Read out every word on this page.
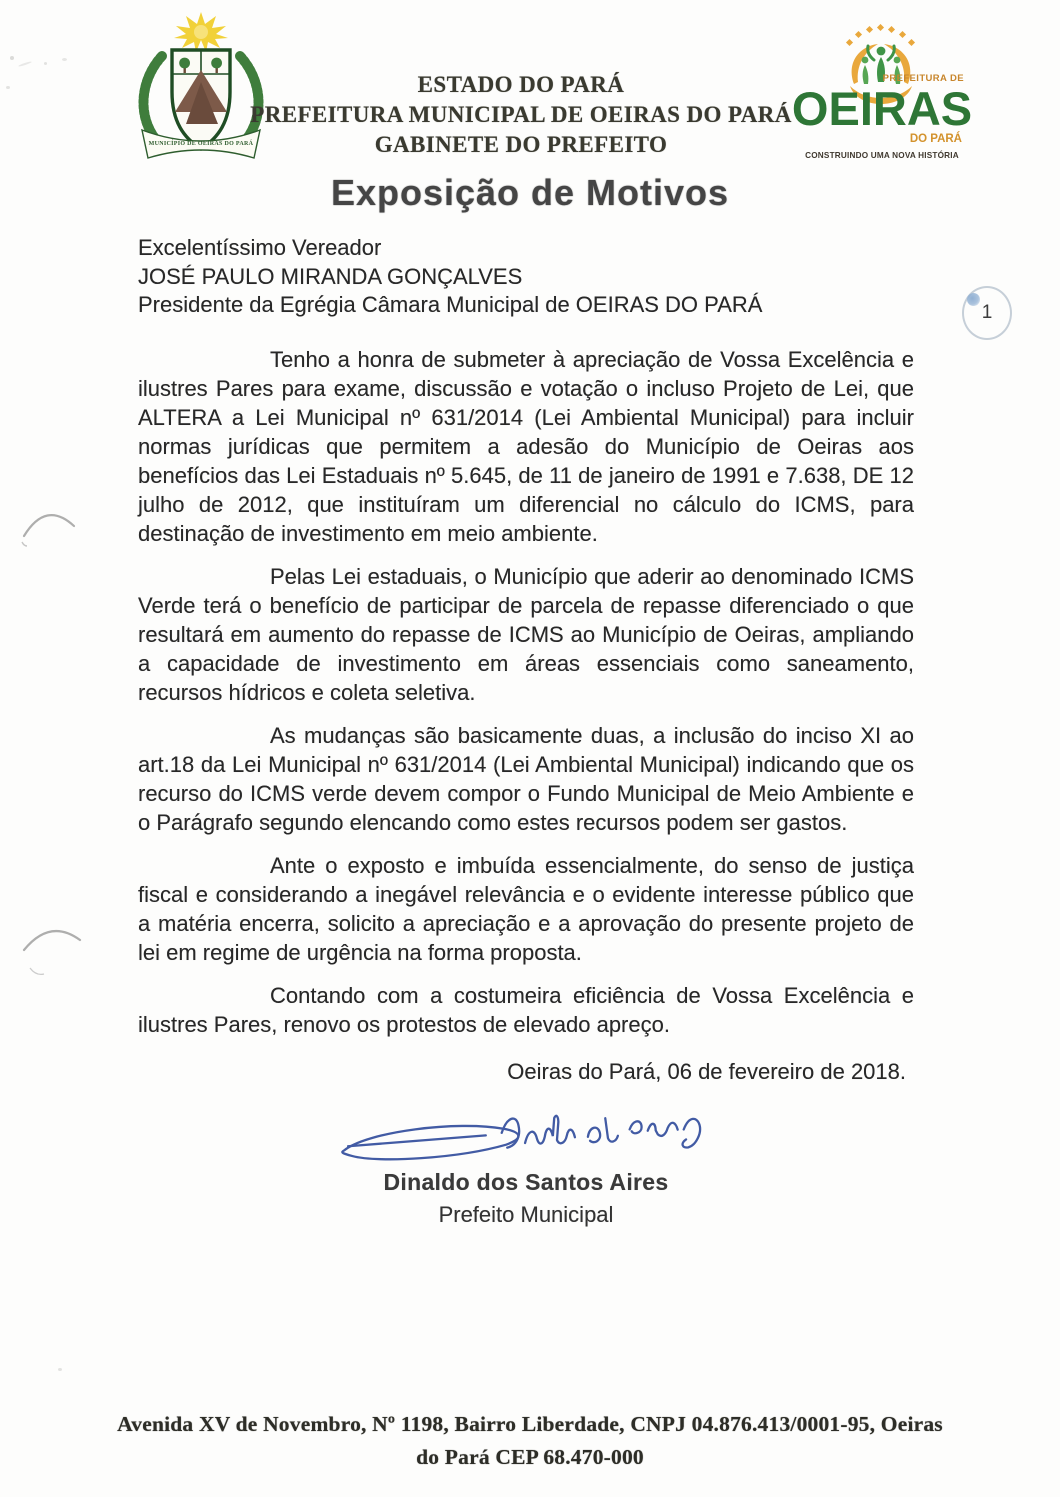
MUNICÍPIO DE OEIRAS DO PARÁ
ESTADO DO PARÁ
PREFEITURA MUNICIPAL DE OEIRAS DO PARÁ
GABINETE DO PREFEITO
PREFEITURA DE
OEIRAS
DO PARÁ
CONSTRUINDO UMA NOVA HISTÓRIA
Exposição de Motivos
1

Excelentíssimo Vereador

JOSÉ PAULO MIRANDA GONÇALVES

Presidente da Egrégia Câmara Municipal de OEIRAS DO PARÁ

Tenho a honra de submeter à apreciação de Vossa Excelência e ilustres Pares para exame, discussão e votação o incluso Projeto de Lei, que ALTERA a Lei Municipal nº 631/2014 (Lei Ambiental Municipal) para incluir normas jurídicas que permitem a adesão do Município de Oeiras aos benefícios das Lei Estaduais nº 5.645, de 11 de janeiro de 1991 e 7.638, DE 12 julho de 2012, que instituíram um diferencial no cálculo do ICMS, para destinação de investimento em meio ambiente.

Pelas Lei estaduais, o Município que aderir ao denominado ICMS Verde terá o benefício de participar de parcela de repasse diferenciado o que resultará em aumento do repasse de ICMS ao Município de Oeiras, ampliando a capacidade de investimento em áreas essenciais como saneamento, recursos hídricos e coleta seletiva.

As mudanças são basicamente duas, a inclusão do inciso XI ao art.18 da Lei Municipal nº 631/2014 (Lei Ambiental Municipal) indicando que os recurso do ICMS verde devem compor o Fundo Municipal de Meio Ambiente e o Parágrafo segundo elencando como estes recursos podem ser gastos.

Ante o exposto e imbuída essencialmente, do senso de justiça fiscal e considerando a inegável relevância e o evidente interesse público que a matéria encerra, solicito a apreciação e a aprovação do presente projeto de lei em regime de urgência na forma proposta.

Contando com a costumeira eficiência de Vossa Excelência e ilustres Pares, renovo os protestos de elevado apreço.

Oeiras do Pará, 06 de fevereiro de 2018.

Dinaldo dos Santos Aires
Prefeito Municipal
Avenida XV de Novembro, Nº 1198, Bairro Liberdade, CNPJ 04.876.413/0001-95, Oeiras
do Pará CEP 68.470-000
